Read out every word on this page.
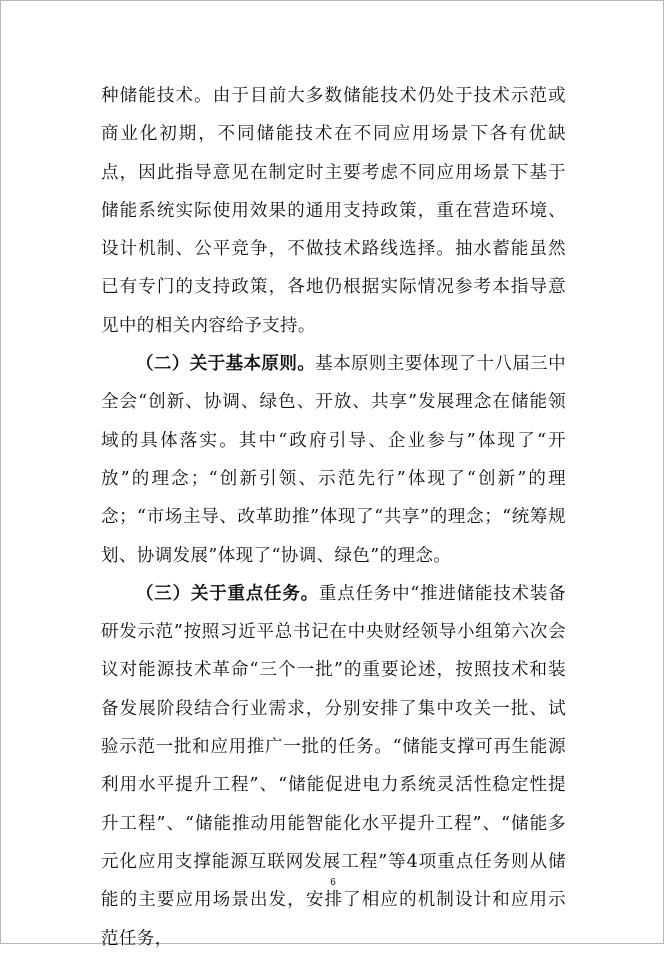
种储能技术。由于目前大多数储能技术仍处于技术示范或商业化初期，不同储能技术在不同应用场景下各有优缺点，因此指导意见在制定时主要考虑不同应用场景下基于储能系统实际使用效果的通用支持政策，重在营造环境、设计机制、公平竞争，不做技术路线选择。抽水蓄能虽然已有专门的支持政策，各地仍根据实际情况参考本指导意见中的相关内容给予支持。

（二）关于基本原则。基本原则主要体现了十八届三中全会“创新、协调、绿色、开放、共享”发展理念在储能领域的具体落实。其中“政府引导、企业参与”体现了“开放”的理念；“创新引领、示范先行”体现了“创新”的理念；“市场主导、改革助推”体现了“共享”的理念；“统筹规划、协调发展”体现了“协调、绿色”的理念。

（三）关于重点任务。重点任务中“推进储能技术装备研发示范”按照习近平总书记在中央财经领导小组第六次会议对能源技术革命“三个一批”的重要论述，按照技术和装备发展阶段结合行业需求，分别安排了集中攻关一批、试验示范一批和应用推广一批的任务。“储能支撑可再生能源利用水平提升工程”、“储能促进电力系统灵活性稳定性提升工程”、“储能推动用能智能化水平提升工程”、“储能多元化应用支撑能源互联网发展工程”等4项重点任务则从储能的主要应用场景出发，安排了相应的机制设计和应用示范任务，

6
